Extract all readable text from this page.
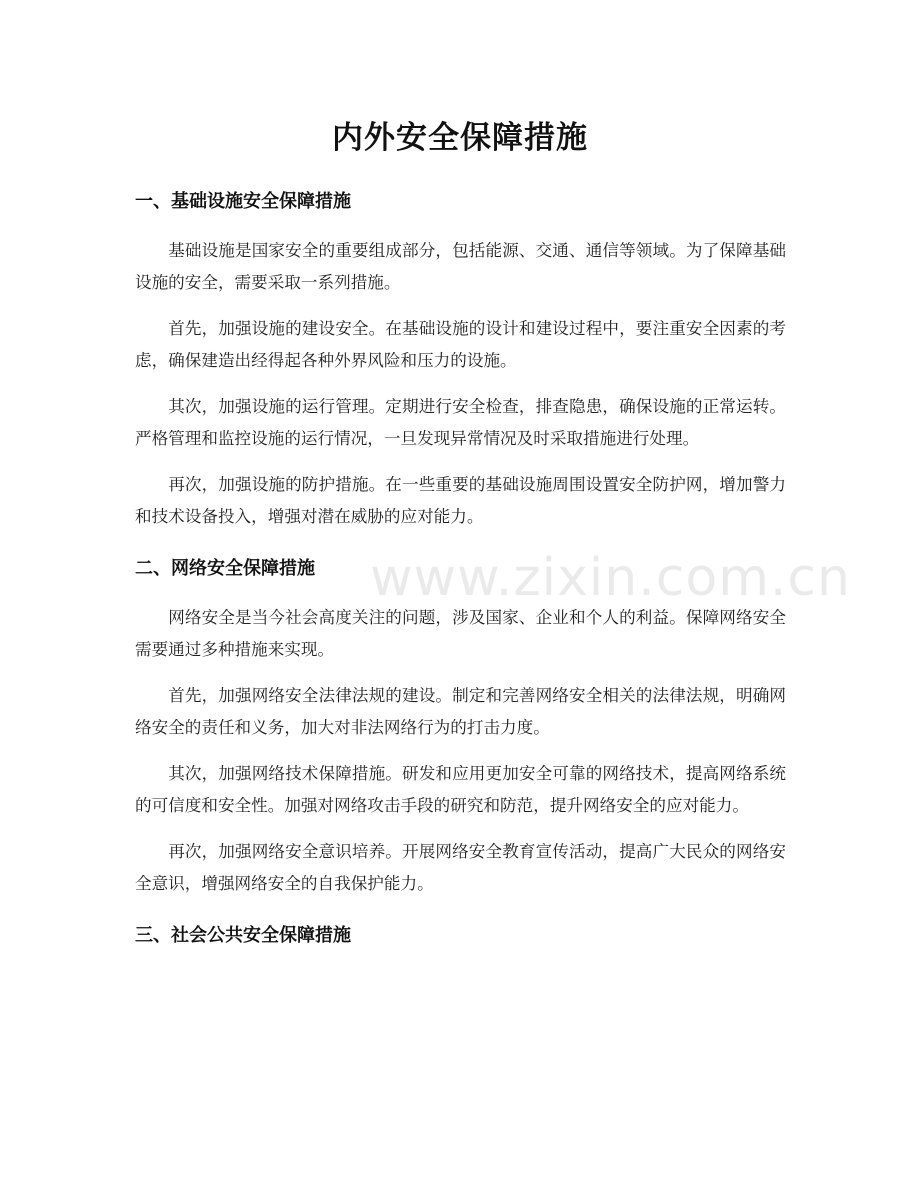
内外安全保障措施
一、基础设施安全保障措施

基础设施是国家安全的重要组成部分，包括能源、交通、通信等领域。为了保障基础设施的安全，需要采取一系列措施。

首先，加强设施的建设安全。在基础设施的设计和建设过程中，要注重安全因素的考虑，确保建造出经得起各种外界风险和压力的设施。

其次，加强设施的运行管理。定期进行安全检查，排查隐患，确保设施的正常运转。严格管理和监控设施的运行情况，一旦发现异常情况及时采取措施进行处理。

再次，加强设施的防护措施。在一些重要的基础设施周围设置安全防护网，增加警力和技术设备投入，增强对潜在威胁的应对能力。

二、网络安全保障措施

网络安全是当今社会高度关注的问题，涉及国家、企业和个人的利益。保障网络安全需要通过多种措施来实现。

首先，加强网络安全法律法规的建设。制定和完善网络安全相关的法律法规，明确网络安全的责任和义务，加大对非法网络行为的打击力度。

其次，加强网络技术保障措施。研发和应用更加安全可靠的网络技术，提高网络系统的可信度和安全性。加强对网络攻击手段的研究和防范，提升网络安全的应对能力。

再次，加强网络安全意识培养。开展网络安全教育宣传活动，提高广大民众的网络安全意识，增强网络安全的自我保护能力。

三、社会公共安全保障措施
www.zixin.com.cn
